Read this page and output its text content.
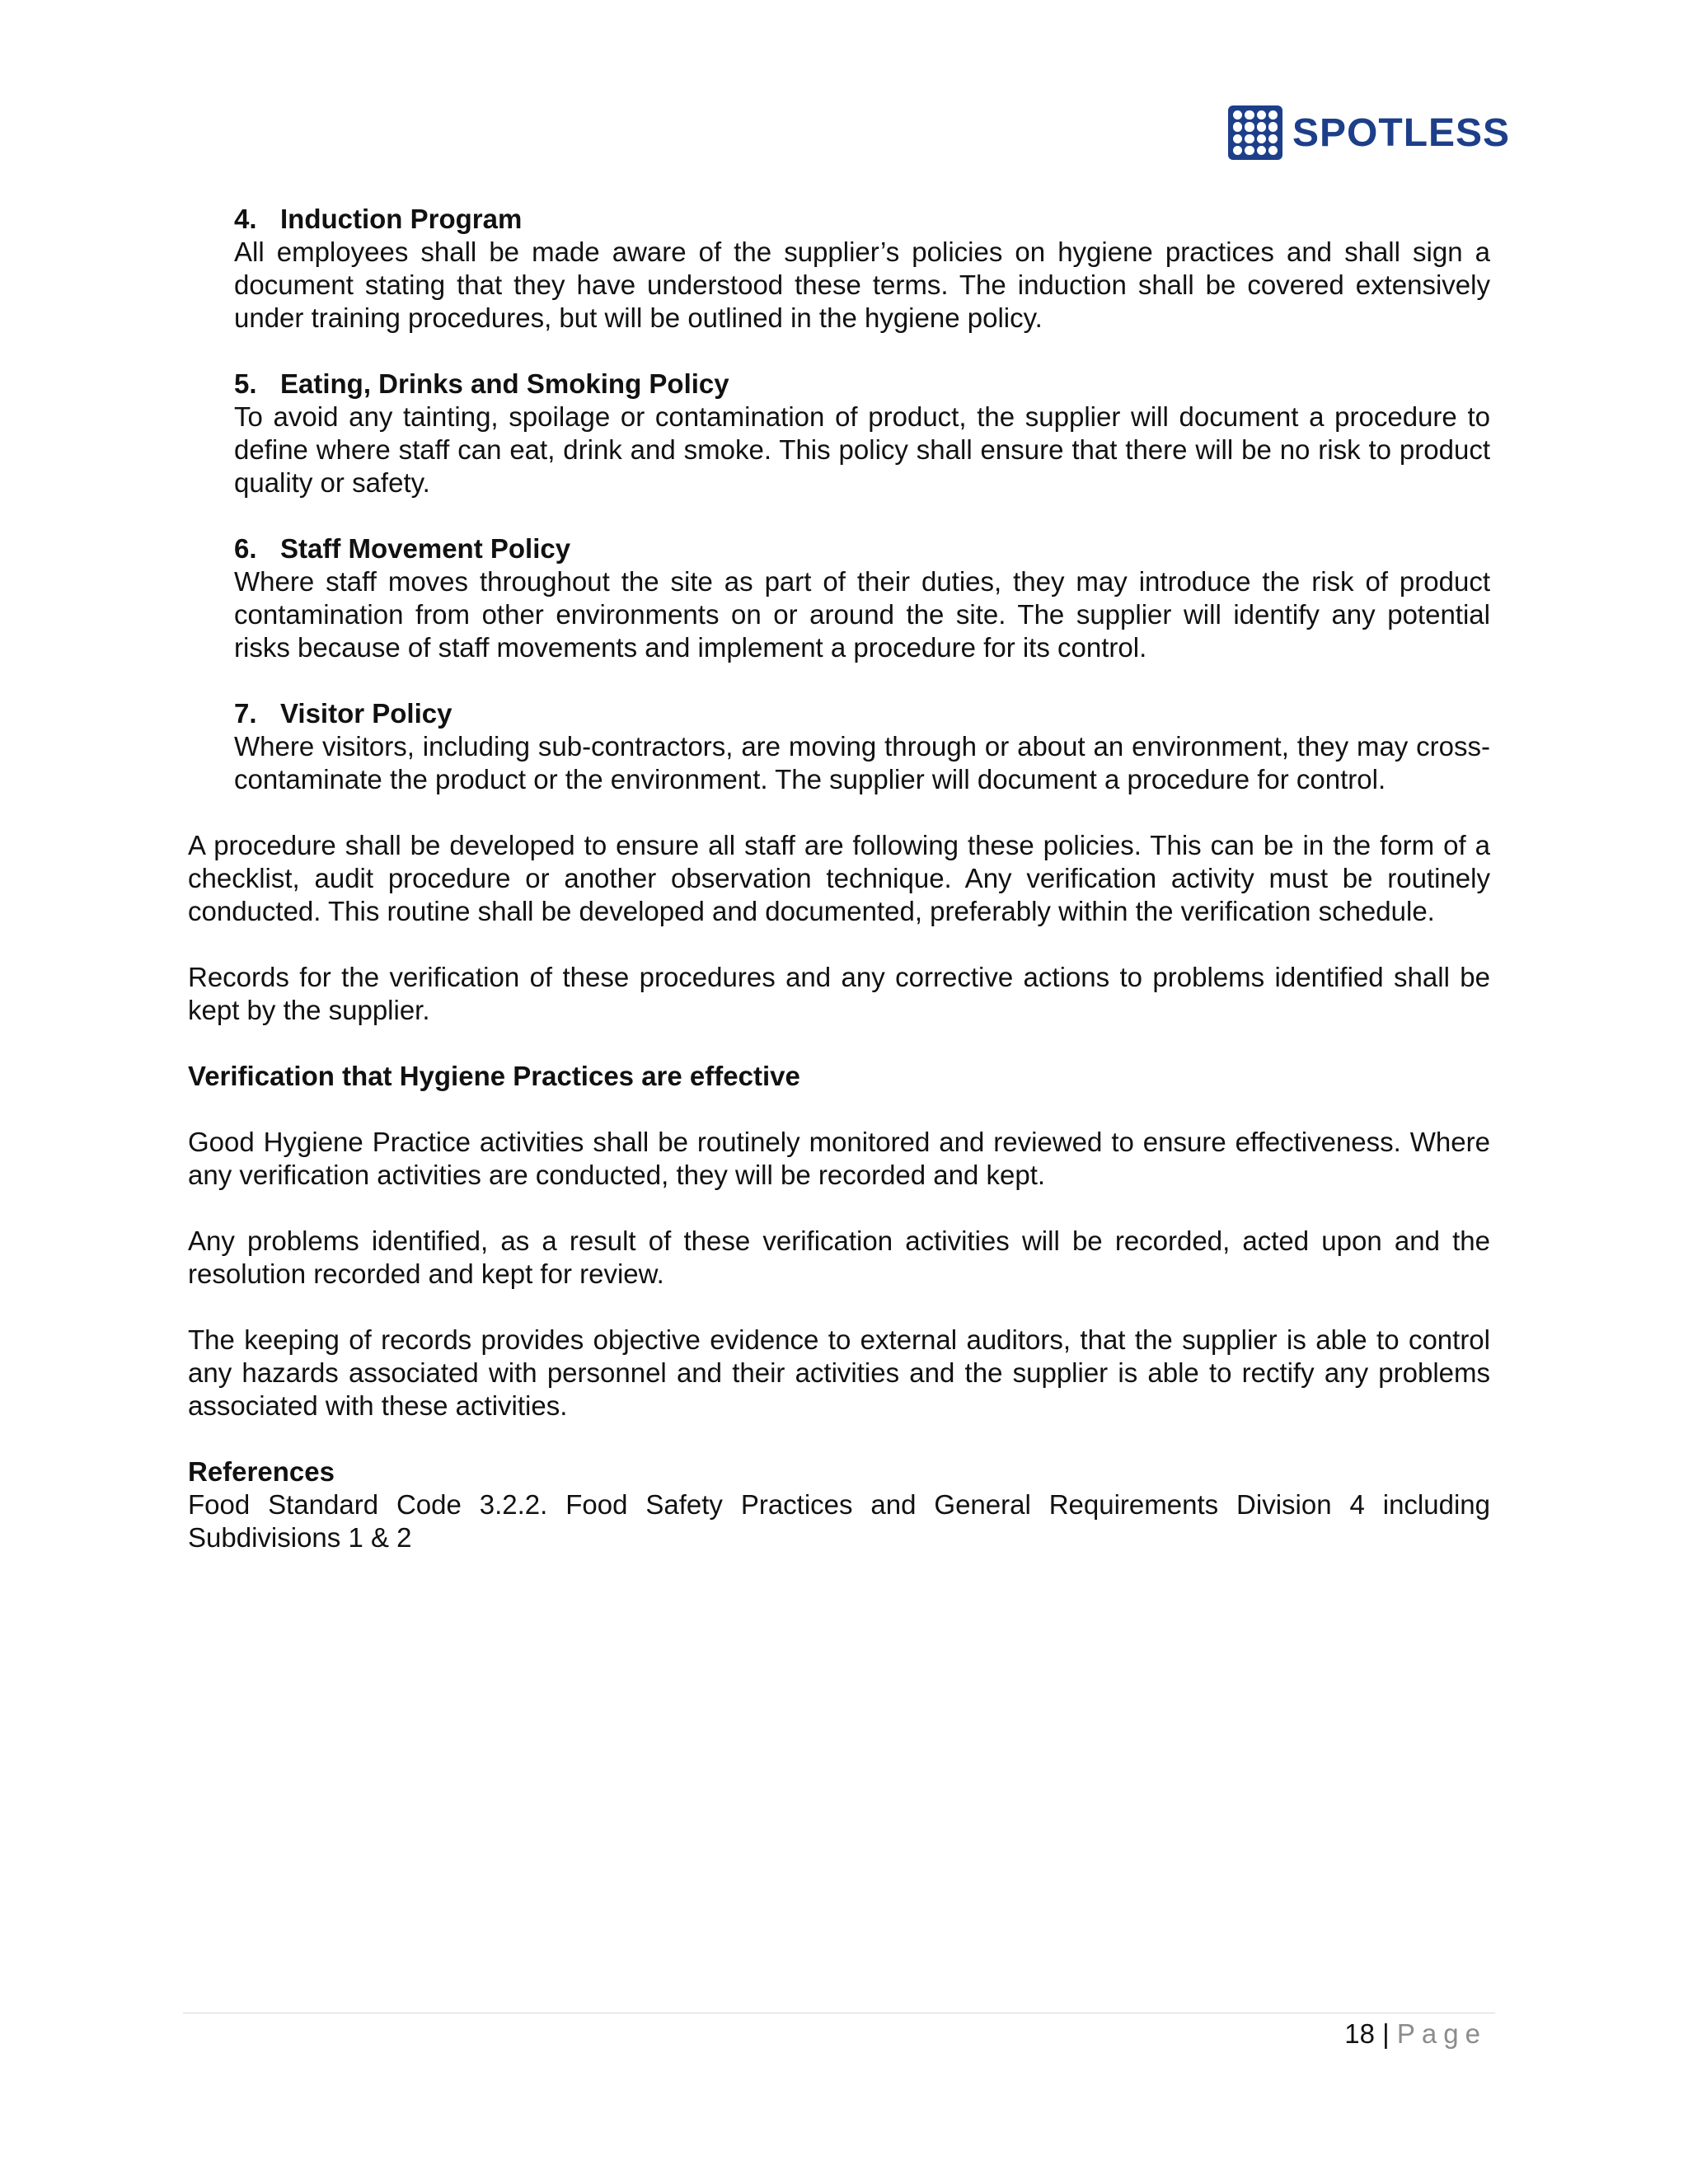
SPOTLESS
4. Induction Program
All employees shall be made aware of the supplier’s policies on hygiene practices and shall sign a document stating that they have understood these terms. The induction shall be covered extensively under training procedures, but will be outlined in the hygiene policy.
5. Eating, Drinks and Smoking Policy
To avoid any tainting, spoilage or contamination of product, the supplier will document a procedure to define where staff can eat, drink and smoke. This policy shall ensure that there will be no risk to product quality or safety.
6. Staff Movement Policy
Where staff moves throughout the site as part of their duties, they may introduce the risk of product contamination from other environments on or around the site. The supplier will identify any potential risks because of staff movements and implement a procedure for its control.
7. Visitor Policy
Where visitors, including sub-contractors, are moving through or about an environment, they may cross-contaminate the product or the environment. The supplier will document a procedure for control.

A procedure shall be developed to ensure all staff are following these policies. This can be in the form of a checklist, audit procedure or another observation technique. Any verification activity must be routinely conducted. This routine shall be developed and documented, preferably within the verification schedule.

Records for the verification of these procedures and any corrective actions to problems identified shall be kept by the supplier.

Verification that Hygiene Practices are effective

Good Hygiene Practice activities shall be routinely monitored and reviewed to ensure effectiveness. Where any verification activities are conducted, they will be recorded and kept.

Any problems identified, as a result of these verification activities will be recorded, acted upon and the resolution recorded and kept for review.

The keeping of records provides objective evidence to external auditors, that the supplier is able to control any hazards associated with personnel and their activities and the supplier is able to rectify any problems associated with these activities.

References

Food Standard Code 3.2.2. Food Safety Practices and General Requirements Division 4 including Subdivisions 1 & 2

18 | Page
